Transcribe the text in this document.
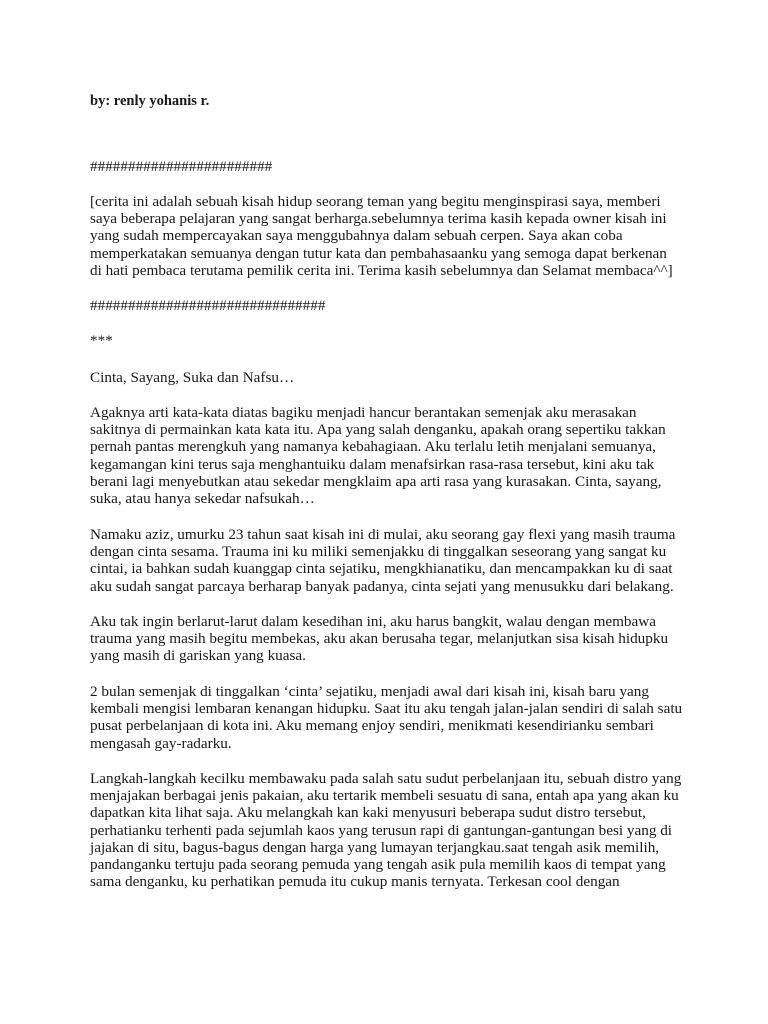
by: renly yohanis r.

########################

[cerita ini adalah sebuah kisah hidup seorang teman yang begitu menginspirasi saya, memberi
saya beberapa pelajaran yang sangat berharga.sebelumnya terima kasih kepada owner kisah ini
yang sudah mempercayakan saya menggubahnya dalam sebuah cerpen. Saya akan coba
memperkatakan semuanya dengan tutur kata dan pembahasaanku yang semoga dapat berkenan
di hati pembaca terutama pemilik cerita ini. Terima kasih sebelumnya dan Selamat membaca^^]

###############################

***

Cinta, Sayang, Suka dan Nafsu…

Agaknya arti kata-kata diatas bagiku menjadi hancur berantakan semenjak aku merasakan
sakitnya di permainkan kata kata itu. Apa yang salah denganku, apakah orang sepertiku takkan
pernah pantas merengkuh yang namanya kebahagiaan. Aku terlalu letih menjalani semuanya,
kegamangan kini terus saja menghantuiku dalam menafsirkan rasa-rasa tersebut, kini aku tak
berani lagi menyebutkan atau sekedar mengklaim apa arti rasa yang kurasakan. Cinta, sayang,
suka, atau hanya sekedar nafsukah…

Namaku aziz, umurku 23 tahun saat kisah ini di mulai, aku seorang gay flexi yang masih trauma
dengan cinta sesama. Trauma ini ku miliki semenjakku di tinggalkan seseorang yang sangat ku
cintai, ia bahkan sudah kuanggap cinta sejatiku, mengkhianatiku, dan mencampakkan ku di saat
aku sudah sangat parcaya berharap banyak padanya, cinta sejati yang menusukku dari belakang.

Aku tak ingin berlarut-larut dalam kesedihan ini, aku harus bangkit, walau dengan membawa
trauma yang masih begitu membekas, aku akan berusaha tegar, melanjutkan sisa kisah hidupku
yang masih di gariskan yang kuasa.

2 bulan semenjak di tinggalkan ‘cinta’ sejatiku, menjadi awal dari kisah ini, kisah baru yang
kembali mengisi lembaran kenangan hidupku. Saat itu aku tengah jalan-jalan sendiri di salah satu
pusat perbelanjaan di kota ini. Aku memang enjoy sendiri, menikmati kesendirianku sembari
mengasah gay-radarku.

Langkah-langkah kecilku membawaku pada salah satu sudut perbelanjaan itu, sebuah distro yang
menjajakan berbagai jenis pakaian, aku tertarik membeli sesuatu di sana, entah apa yang akan ku
dapatkan kita lihat saja. Aku melangkah kan kaki menyusuri beberapa sudut distro tersebut,
perhatianku terhenti pada sejumlah kaos yang terusun rapi di gantungan-gantungan besi yang di
jajakan di situ, bagus-bagus dengan harga yang lumayan terjangkau.saat tengah asik memilih,
pandanganku tertuju pada seorang pemuda yang tengah asik pula memilih kaos di tempat yang
sama denganku, ku perhatikan pemuda itu cukup manis ternyata. Terkesan cool dengan
